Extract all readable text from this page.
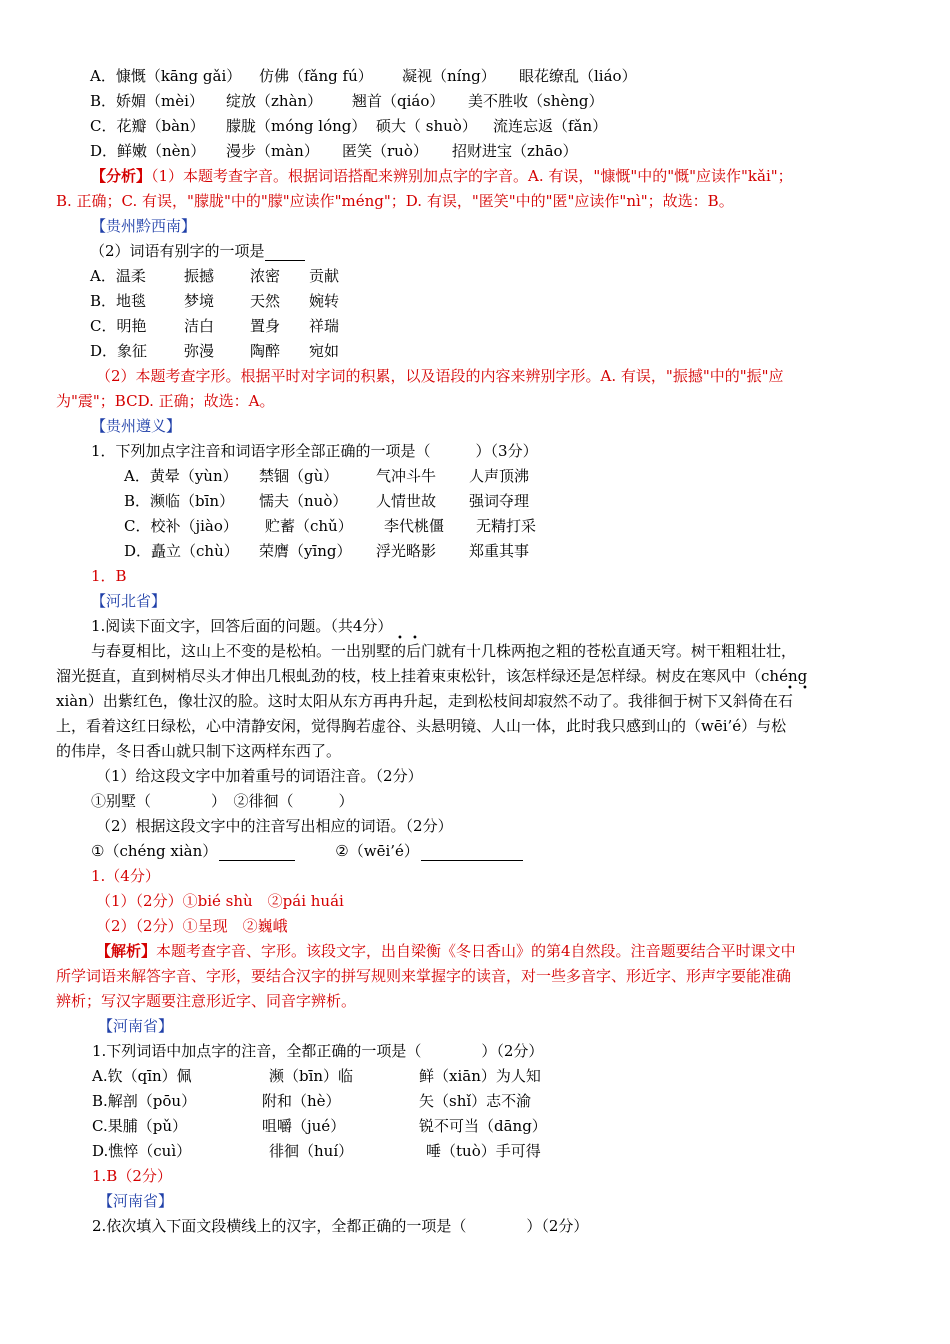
A．慷慨（kāng gǎi） 仿佛（fǎng fú） 凝视（níng） 眼花缭乱（liáo）
B．娇媚（mèi） 绽放（zhàn） 翘首（qiáo） 美不胜收（shèng）
C．花瓣（bàn） 朦胧（móng lóng） 硕大（ shuò） 流连忘返（fǎn）
D．鲜嫩（nèn） 漫步（màn） 匿笑（ruò） 招财进宝（zhāo）
【分析】（1）本题考查字音。根据词语搭配来辨别加点字的字音。A. 有误，"慷慨"中的"慨"应读作"kǎi"；
B. 正确；C. 有误，"朦胧"中的"朦"应读作"méng"；D. 有误，"匿笑"中的"匿"应读作"nì"；故选：B。
【贵州黔西南】
（2）词语有别字的一项是
A．温柔	振撼 浓密 贡献
B．地毯	梦境 天然 婉转
C．明艳	洁白 置身 祥瑞
D．象征 弥漫 陶醉 宛如
（2）本题考查字形。根据平时对字词的积累，以及语段的内容来辨别字形。A. 有误，"振撼"中的"振"应
为"震"；BCD. 正确；故选：A。
【贵州遵义】
1．下列加点字注音和词语字形全部正确的一项是（　　　）（3分）
A．黄晕（yùn） 禁锢（gù）	气冲斗牛 人声顶沸
B．濒临（bīn） 懦夫（nuò） 人情世故 强词夺理
C．校补（jiào） 贮蓄（chǔ） 李代桃僵 无精打采
D．矗立（chù） 荣膺（yīng） 浮光略影 郑重其事
1．B
【河北省】
1.阅读下面文字，回答后面的问题。（共4分）
与春夏相比，这山上不变的是松柏。一出别墅的后门就有十几株两抱之粗的苍松直通天穹。树干粗粗壮壮，
• •
溜光挺直，直到树梢尽头才伸出几根虬劲的枝，枝上挂着束束松针，该怎样绿还是怎样绿。树皮在寒风中（chéng
xiàn）出紫红色，像壮汉的脸。这时太阳从东方再冉升起，走到松枝间却寂然不动了。我徘徊于树下又斜倚在石
• •
上，看着这红日绿松，心中清静安闲，觉得胸若虚谷、头悬明镜、人山一体，此时我只感到山的（wēi’é）与松
的伟岸，冬日香山就只制下这两样东西了。
（1）给这段文字中加着重号的词语注音。（2分）
①别墅（　　　　）　②徘徊（　　　）
（2）根据这段文字中的注音写出相应的词语。（2分）
①（chéng xiàn）	②（wēi’é）
1.（4分）
（1）（2分）①bié shù　②pái huái
（2）（2分）①呈现　②巍峨
【解析】本题考查字音、字形。该段文字，出自梁衡《冬日香山》的第4自然段。注音题要结合平时课文中
所学词语来解答字音、字形，要结合汉字的拼写规则来掌握字的读音，对一些多音字、形近字、形声字要能准确
辨析；写汉字题要注意形近字、同音字辨析。
【河南省】
1.下列词语中加点字的注音，全都正确的一项是（　　　　）（2分）
A.钦（qīn）佩	濒（bīn）临	鲜（xiān）为人知
B.解剖（pōu）	附和（hè）	矢（shǐ）志不渝
C.果脯（pǔ）	咀嚼（jué）	锐不可当（dāng）
D.憔悴（cuì）	徘徊（huí）	唾（tuò）手可得
1.B（2分）
【河南省】
2.依次填入下面文段横线上的汉字，全都正确的一项是（　　　　）（2分）
